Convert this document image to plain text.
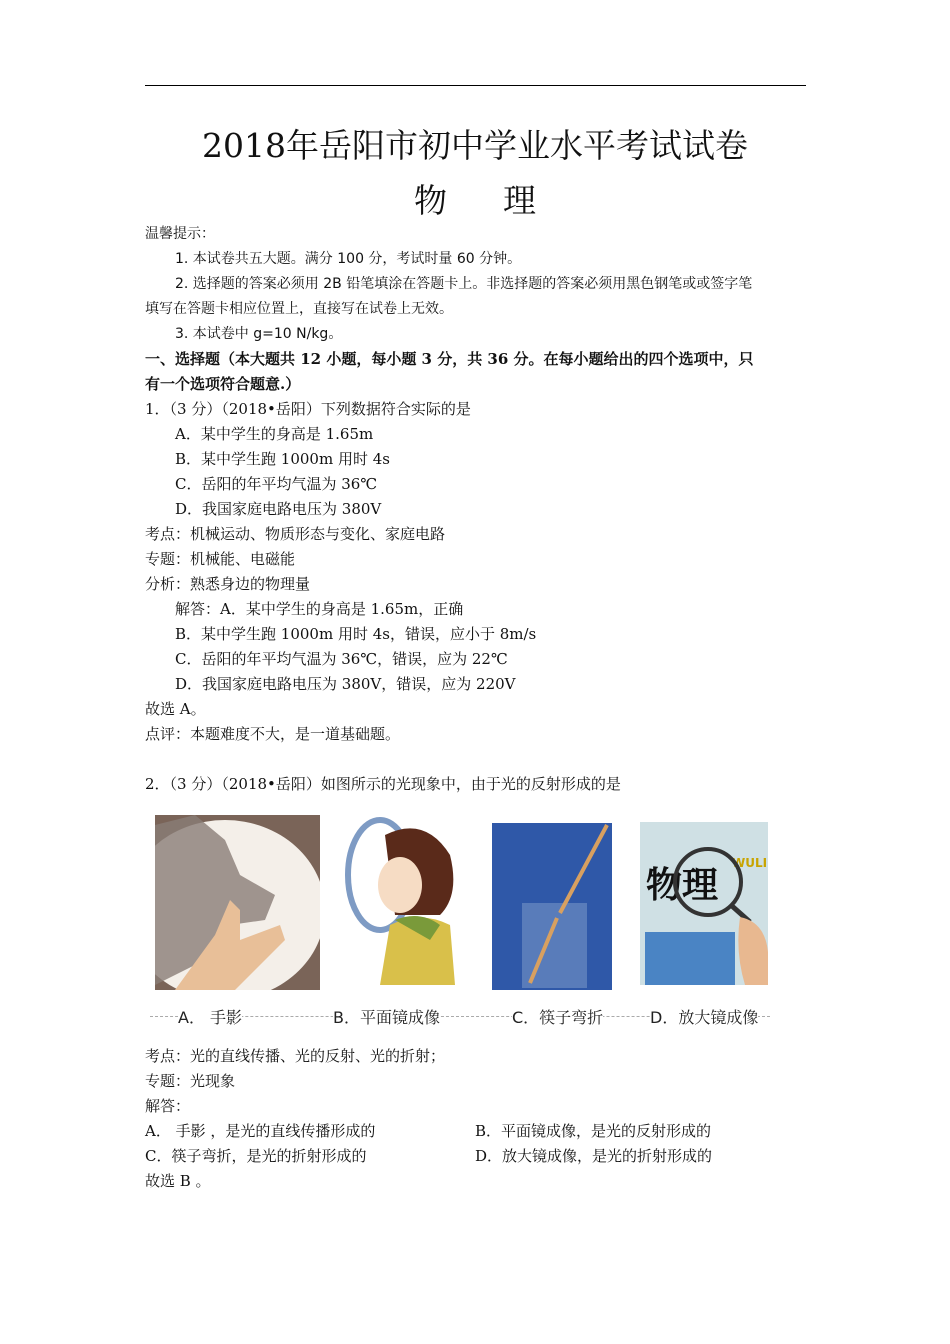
2018年岳阳市初中学业水平考试试卷
物理
温馨提示：
1. 本试卷共五大题。满分 100 分，考试时量 60 分钟。
2. 选择题的答案必须用 2B 铅笔填涂在答题卡上。非选择题的答案必须用黑色钢笔或或签字笔
填写在答题卡相应位置上，直接写在试卷上无效。
3. 本试卷中 g=10 N/kg。
一、选择题（本大题共 12 小题，每小题 3 分，共 36 分。在每小题给出的四个选项中，只
有一个选项符合题意.）
1．（3 分）（2018•岳阳）下列数据符合实际的是
A．某中学生的身高是 1.65m
B．某中学生跑 1000m 用时 4s
C．岳阳的年平均气温为 36℃
D．我国家庭电路电压为 380V
考点：机械运动、物质形态与变化、家庭电路
专题：机械能、电磁能
分析：熟悉身边的物理量
解答：A．某中学生的身高是 1.65m，正确
B．某中学生跑 1000m 用时 4s，错误，应小于 8m/s
C．岳阳的年平均气温为 36℃，错误，应为 22℃
D．我国家庭电路电压为 380V，错误，应为 220V
故选 A。
点评：本题难度不大，是一道基础题。
2．（3 分）（2018•岳阳）如图所示的光现象中，由于光的反射形成的是
物理
WULI
A． 手影	B．平面镜成像	C．筷子弯折	D．放大镜成像
考点：光的直线传播、光的反射、光的折射；
专题：光现象
解答：
A． 手影 ，是光的直线传播形成的	B．平面镜成像，是光的反射形成的
C．筷子弯折，是光的折射形成的	D．放大镜成像，是光的折射形成的
故选 B 。
